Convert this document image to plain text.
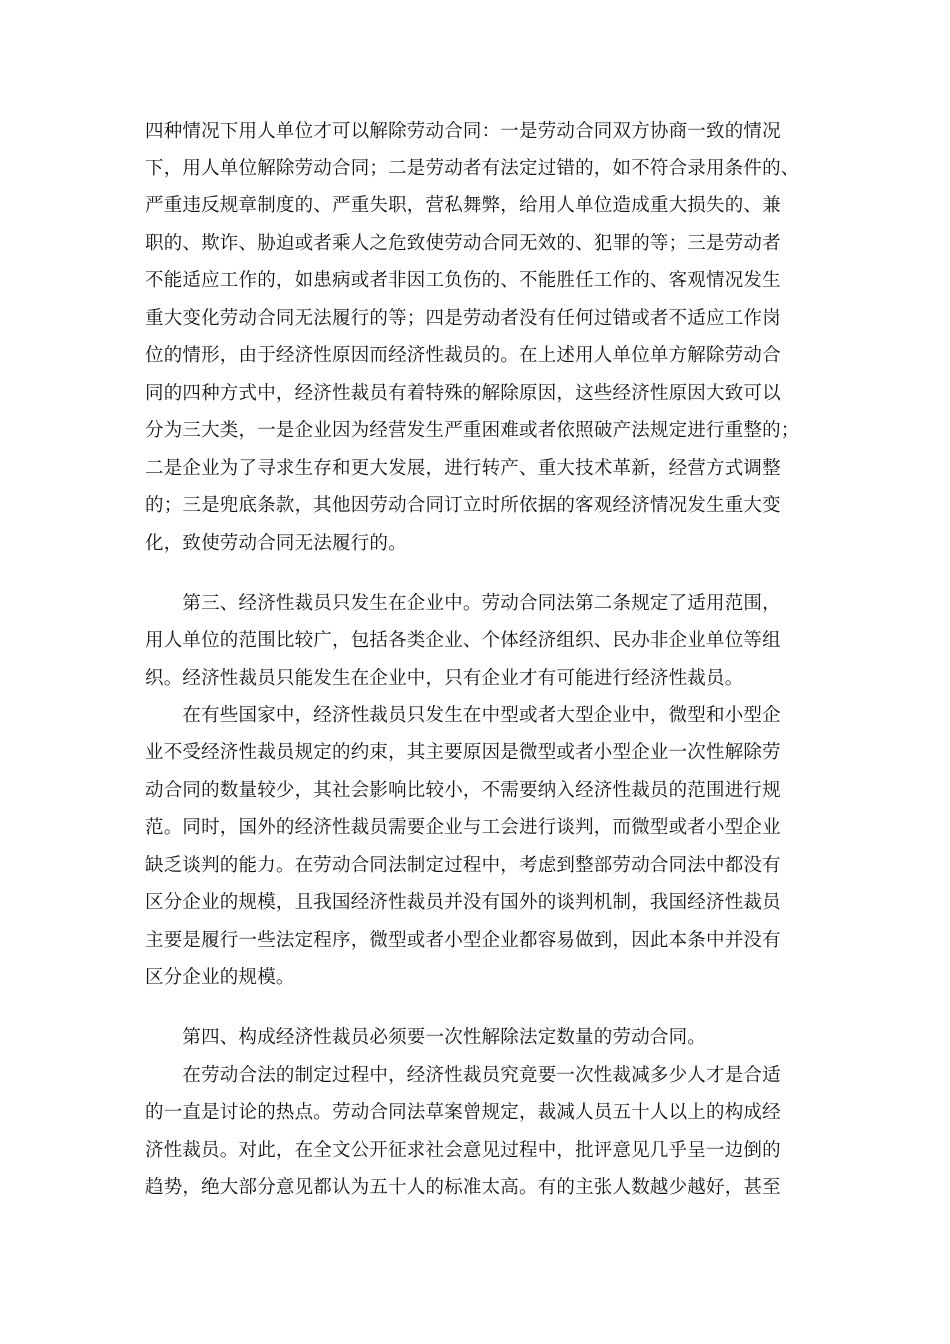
四种情况下用人单位才可以解除劳动合同：一是劳动合同双方协商一致的情况
下，用人单位解除劳动合同；二是劳动者有法定过错的，如不符合录用条件的、
严重违反规章制度的、严重失职，营私舞弊，给用人单位造成重大损失的、兼
职的、欺诈、胁迫或者乘人之危致使劳动合同无效的、犯罪的等；三是劳动者
不能适应工作的，如患病或者非因工负伤的、不能胜任工作的、客观情况发生
重大变化劳动合同无法履行的等；四是劳动者没有任何过错或者不适应工作岗
位的情形，由于经济性原因而经济性裁员的。在上述用人单位单方解除劳动合
同的四种方式中，经济性裁员有着特殊的解除原因，这些经济性原因大致可以
分为三大类，一是企业因为经营发生严重困难或者依照破产法规定进行重整的；
二是企业为了寻求生存和更大发展，进行转产、重大技术革新，经营方式调整
的；三是兜底条款，其他因劳动合同订立时所依据的客观经济情况发生重大变
化，致使劳动合同无法履行的。
　　第三、经济性裁员只发生在企业中。劳动合同法第二条规定了适用范围，
用人单位的范围比较广，包括各类企业、个体经济组织、民办非企业单位等组
织。经济性裁员只能发生在企业中，只有企业才有可能进行经济性裁员。
　　在有些国家中，经济性裁员只发生在中型或者大型企业中，微型和小型企
业不受经济性裁员规定的约束，其主要原因是微型或者小型企业一次性解除劳
动合同的数量较少，其社会影响比较小，不需要纳入经济性裁员的范围进行规
范。同时，国外的经济性裁员需要企业与工会进行谈判，而微型或者小型企业
缺乏谈判的能力。在劳动合同法制定过程中，考虑到整部劳动合同法中都没有
区分企业的规模，且我国经济性裁员并没有国外的谈判机制，我国经济性裁员
主要是履行一些法定程序，微型或者小型企业都容易做到，因此本条中并没有
区分企业的规模。
　　第四、构成经济性裁员必须要一次性解除法定数量的劳动合同。
　　在劳动合法的制定过程中，经济性裁员究竟要一次性裁减多少人才是合适
的一直是讨论的热点。劳动合同法草案曾规定，裁减人员五十人以上的构成经
济性裁员。对此，在全文公开征求社会意见过程中，批评意见几乎呈一边倒的
趋势，绝大部分意见都认为五十人的标准太高。有的主张人数越少越好，甚至
